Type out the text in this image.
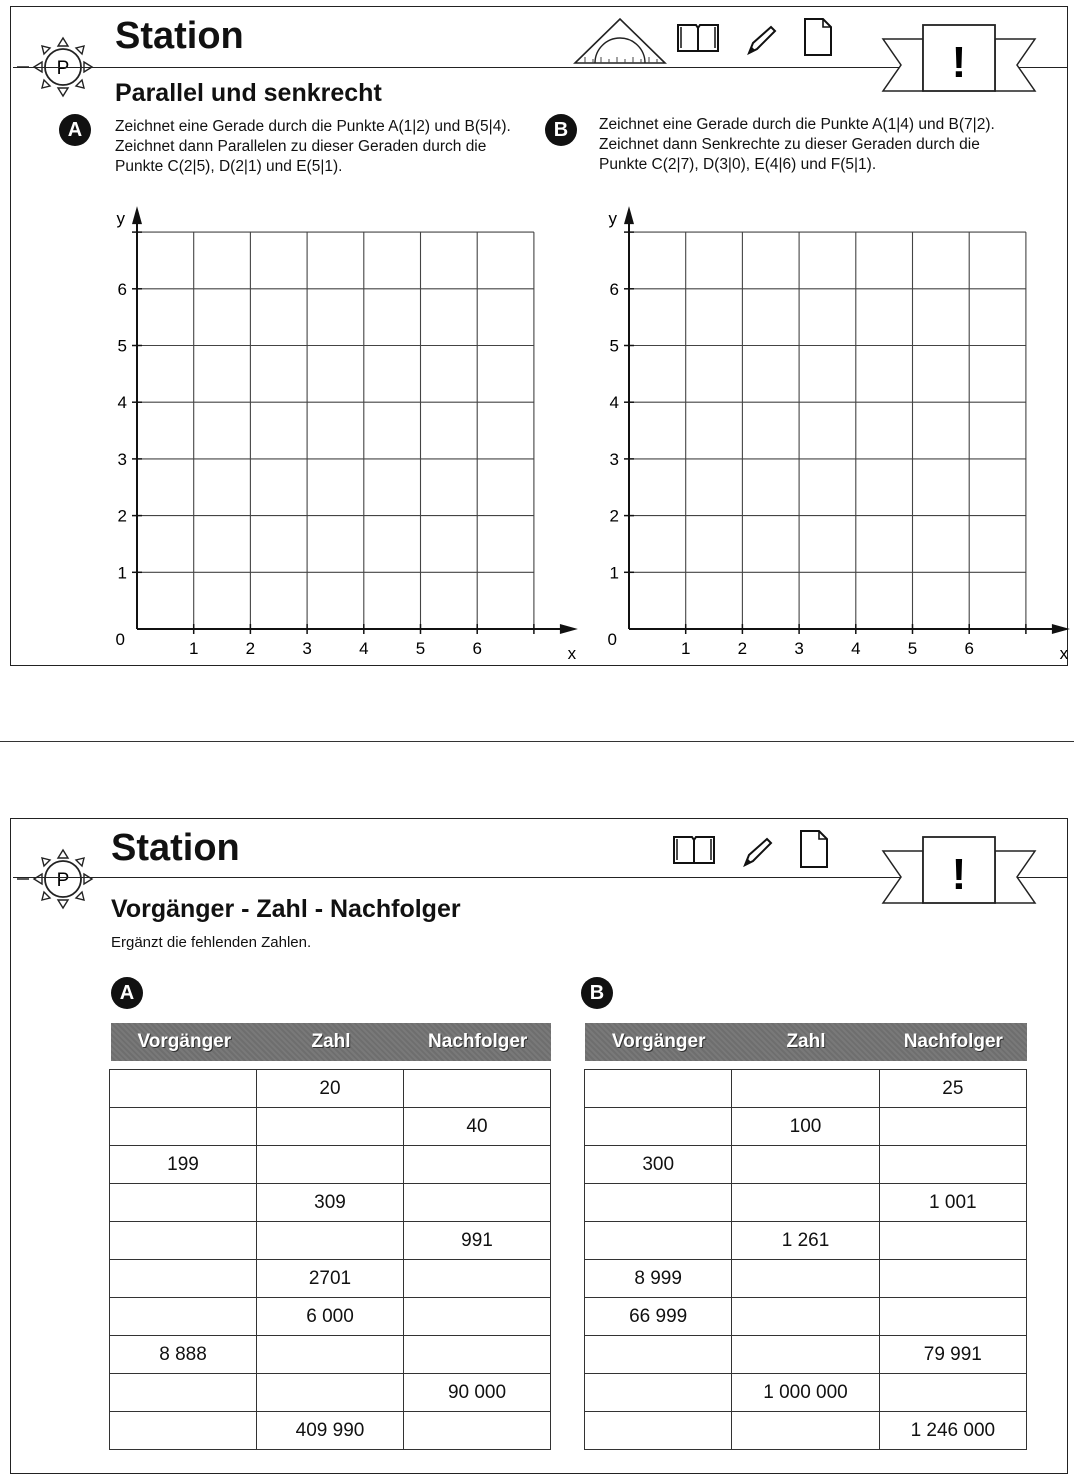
P
Station
!
Parallel und senkrecht
A	Zeichnet eine Gerade durch die Punkte A(1|2) und B(5|4). Zeichnet dann Parallelen zu dieser Geraden durch die Punkte C(2|5), D(2|1) und E(5|1).
B	Zeichnet eine Gerade durch die Punkte A(1|4) und B(7|2). Zeichnet dann Senkrechte zu dieser Geraden durch die Punkte C(2|7), D(3|0), E(4|6) und F(5|1).
1	2	3	4	5	6
1
2
3
4
5
6
0
x
y
1	2	3	4	5	6
1
2
3
4
5
6
0
x
y
P
Station
!
Vorgänger - Zahl - Nachfolger
Ergänzt die fehlenden Zahlen.
A	B
Vorgänger	Zahl	Nachfolger	Vorgänger	Zahl	Nachfolger
	20	
		40
199		
	309	
		991
	2701	
	6 000	
8 888		
		90 000
	409 990	
		25
	100	
300		
		1 001
	1 261	
8 999		
66 999		
		79 991
	1 000 000	
		1 246 000
